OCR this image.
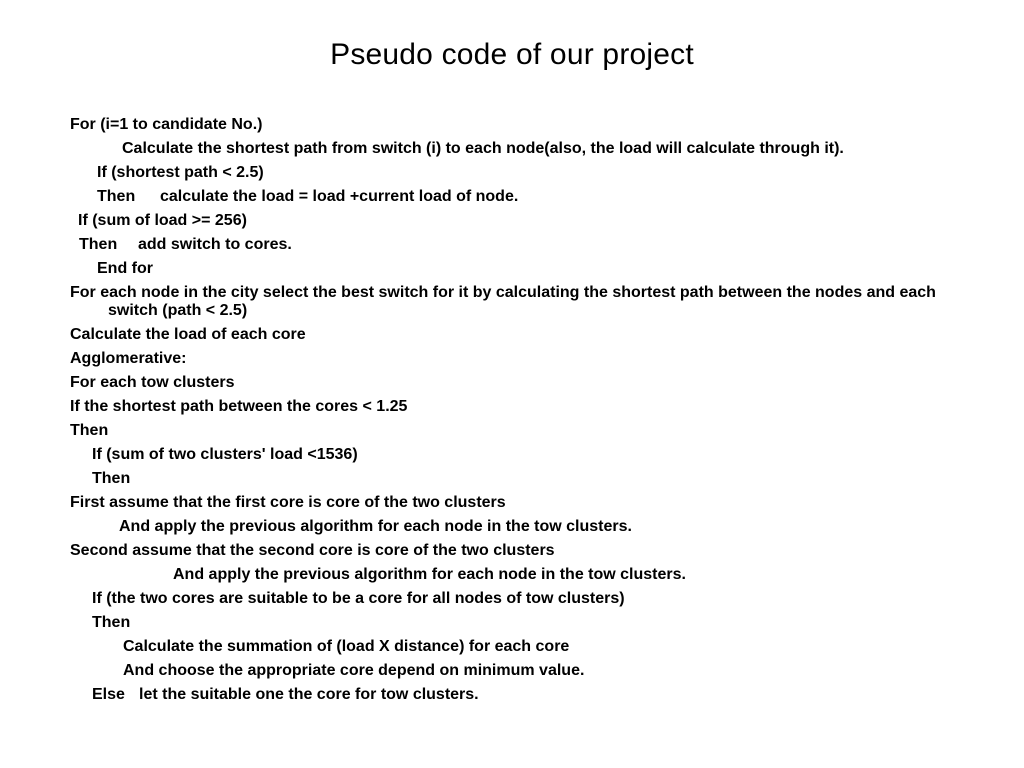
Pseudo code of our project
For (i=1 to candidate No.)
Calculate the shortest path from switch (i) to each node(also, the load will calculate through it).
If (shortest path < 2.5)
Then calculate the load = load +current load of node.
If (sum of load >= 256)
Then add switch to cores.
End for
For each node in the city select the best switch for it by calculating the shortest path between the nodes and each switch (path < 2.5)
Calculate the load of each core
Agglomerative:
For each tow clusters
If the shortest path between the cores < 1.25
Then
If (sum of two clusters' load <1536)
Then
First assume that the first core is core of the two clusters
And apply the previous algorithm for each node in the tow clusters.
Second assume that the second core is core of the two clusters
And apply the previous algorithm for each node in the tow clusters.
If (the two cores are suitable to be a core for all nodes of tow clusters)
Then
Calculate the summation of (load X distance) for each core
And choose the appropriate core depend on minimum value.
Else let the suitable one the core for tow clusters.
